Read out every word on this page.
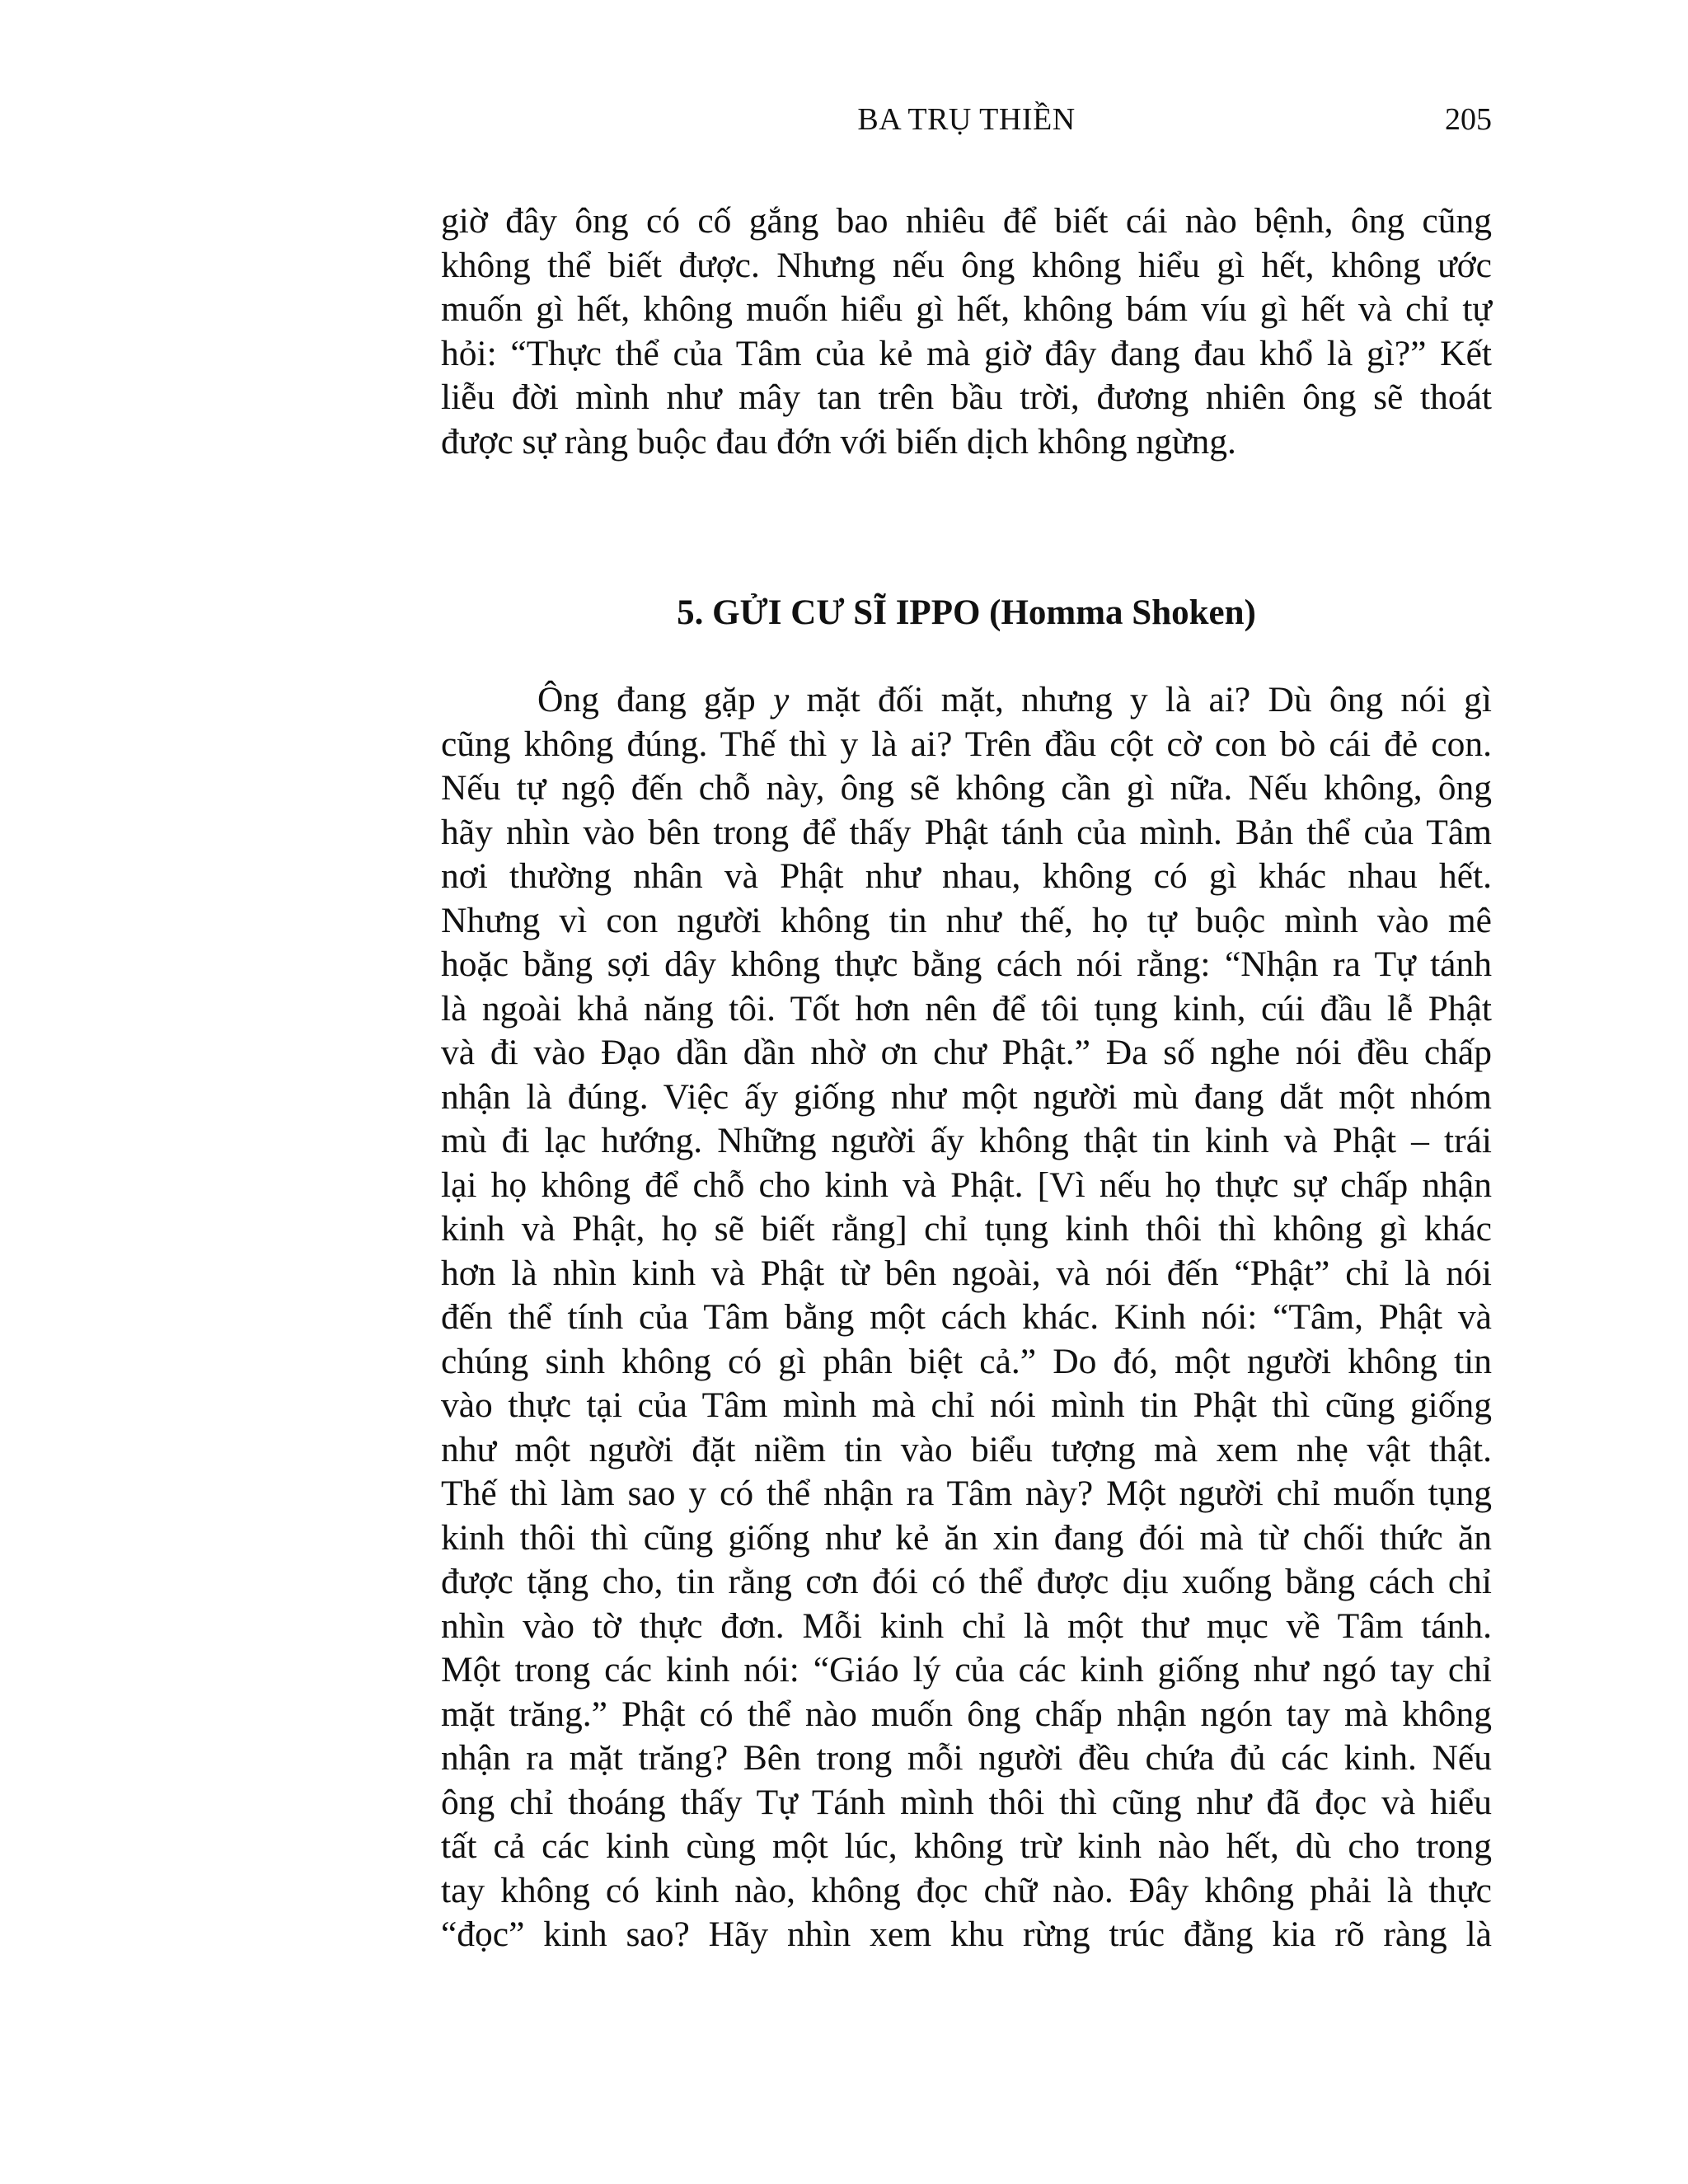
BA TRỤ THIỀN	205
giờ đây ông có cố gắng bao nhiêu để biết cái nào bệnh, ông cũng
không thể biết được. Nhưng nếu ông không hiểu gì hết, không ước
muốn gì hết, không muốn hiểu gì hết, không bám víu gì hết và chỉ tự
hỏi: “Thực thể của Tâm của kẻ mà giờ đây đang đau khổ là gì?” Kết
liễu đời mình như mây tan trên bầu trời, đương nhiên ông sẽ thoát
được sự ràng buộc đau đớn với biến dịch không ngừng.
5. GỬI CƯ SĨ IPPO (Homma Shoken)
Ông đang gặp y mặt đối mặt, nhưng y là ai? Dù ông nói gì
cũng không đúng. Thế thì y là ai? Trên đầu cột cờ con bò cái đẻ con.
Nếu tự ngộ đến chỗ này, ông sẽ không cần gì nữa. Nếu không, ông
hãy nhìn vào bên trong để thấy Phật tánh của mình. Bản thể của Tâm
nơi thường nhân và Phật như nhau, không có gì khác nhau hết.
Nhưng vì con người không tin như thế, họ tự buộc mình vào mê
hoặc bằng sợi dây không thực bằng cách nói rằng: “Nhận ra Tự tánh
là ngoài khả năng tôi. Tốt hơn nên để tôi tụng kinh, cúi đầu lễ Phật
và đi vào Đạo dần dần nhờ ơn chư Phật.” Đa số nghe nói đều chấp
nhận là đúng. Việc ấy giống như một người mù đang dắt một nhóm
mù đi lạc hướng. Những người ấy không thật tin kinh và Phật – trái
lại họ không để chỗ cho kinh và Phật. [Vì nếu họ thực sự chấp nhận
kinh và Phật, họ sẽ biết rằng] chỉ tụng kinh thôi thì không gì khác
hơn là nhìn kinh và Phật từ bên ngoài, và nói đến “Phật” chỉ là nói
đến thể tính của Tâm bằng một cách khác. Kinh nói: “Tâm, Phật và
chúng sinh không có gì phân biệt cả.” Do đó, một người không tin
vào thực tại của Tâm mình mà chỉ nói mình tin Phật thì cũng giống
như một người đặt niềm tin vào biểu tượng mà xem nhẹ vật thật.
Thế thì làm sao y có thể nhận ra Tâm này? Một người chỉ muốn tụng
kinh thôi thì cũng giống như kẻ ăn xin đang đói mà từ chối thức ăn
được tặng cho, tin rằng cơn đói có thể được dịu xuống bằng cách chỉ
nhìn vào tờ thực đơn. Mỗi kinh chỉ là một thư mục về Tâm tánh.
Một trong các kinh nói: “Giáo lý của các kinh giống như ngó tay chỉ
mặt trăng.” Phật có thể nào muốn ông chấp nhận ngón tay mà không
nhận ra mặt trăng? Bên trong mỗi người đều chứa đủ các kinh. Nếu
ông chỉ thoáng thấy Tự Tánh mình thôi thì cũng như đã đọc và hiểu
tất cả các kinh cùng một lúc, không trừ kinh nào hết, dù cho trong
tay không có kinh nào, không đọc chữ nào. Đây không phải là thực
“đọc” kinh sao? Hãy nhìn xem khu rừng trúc đằng kia rõ ràng là
